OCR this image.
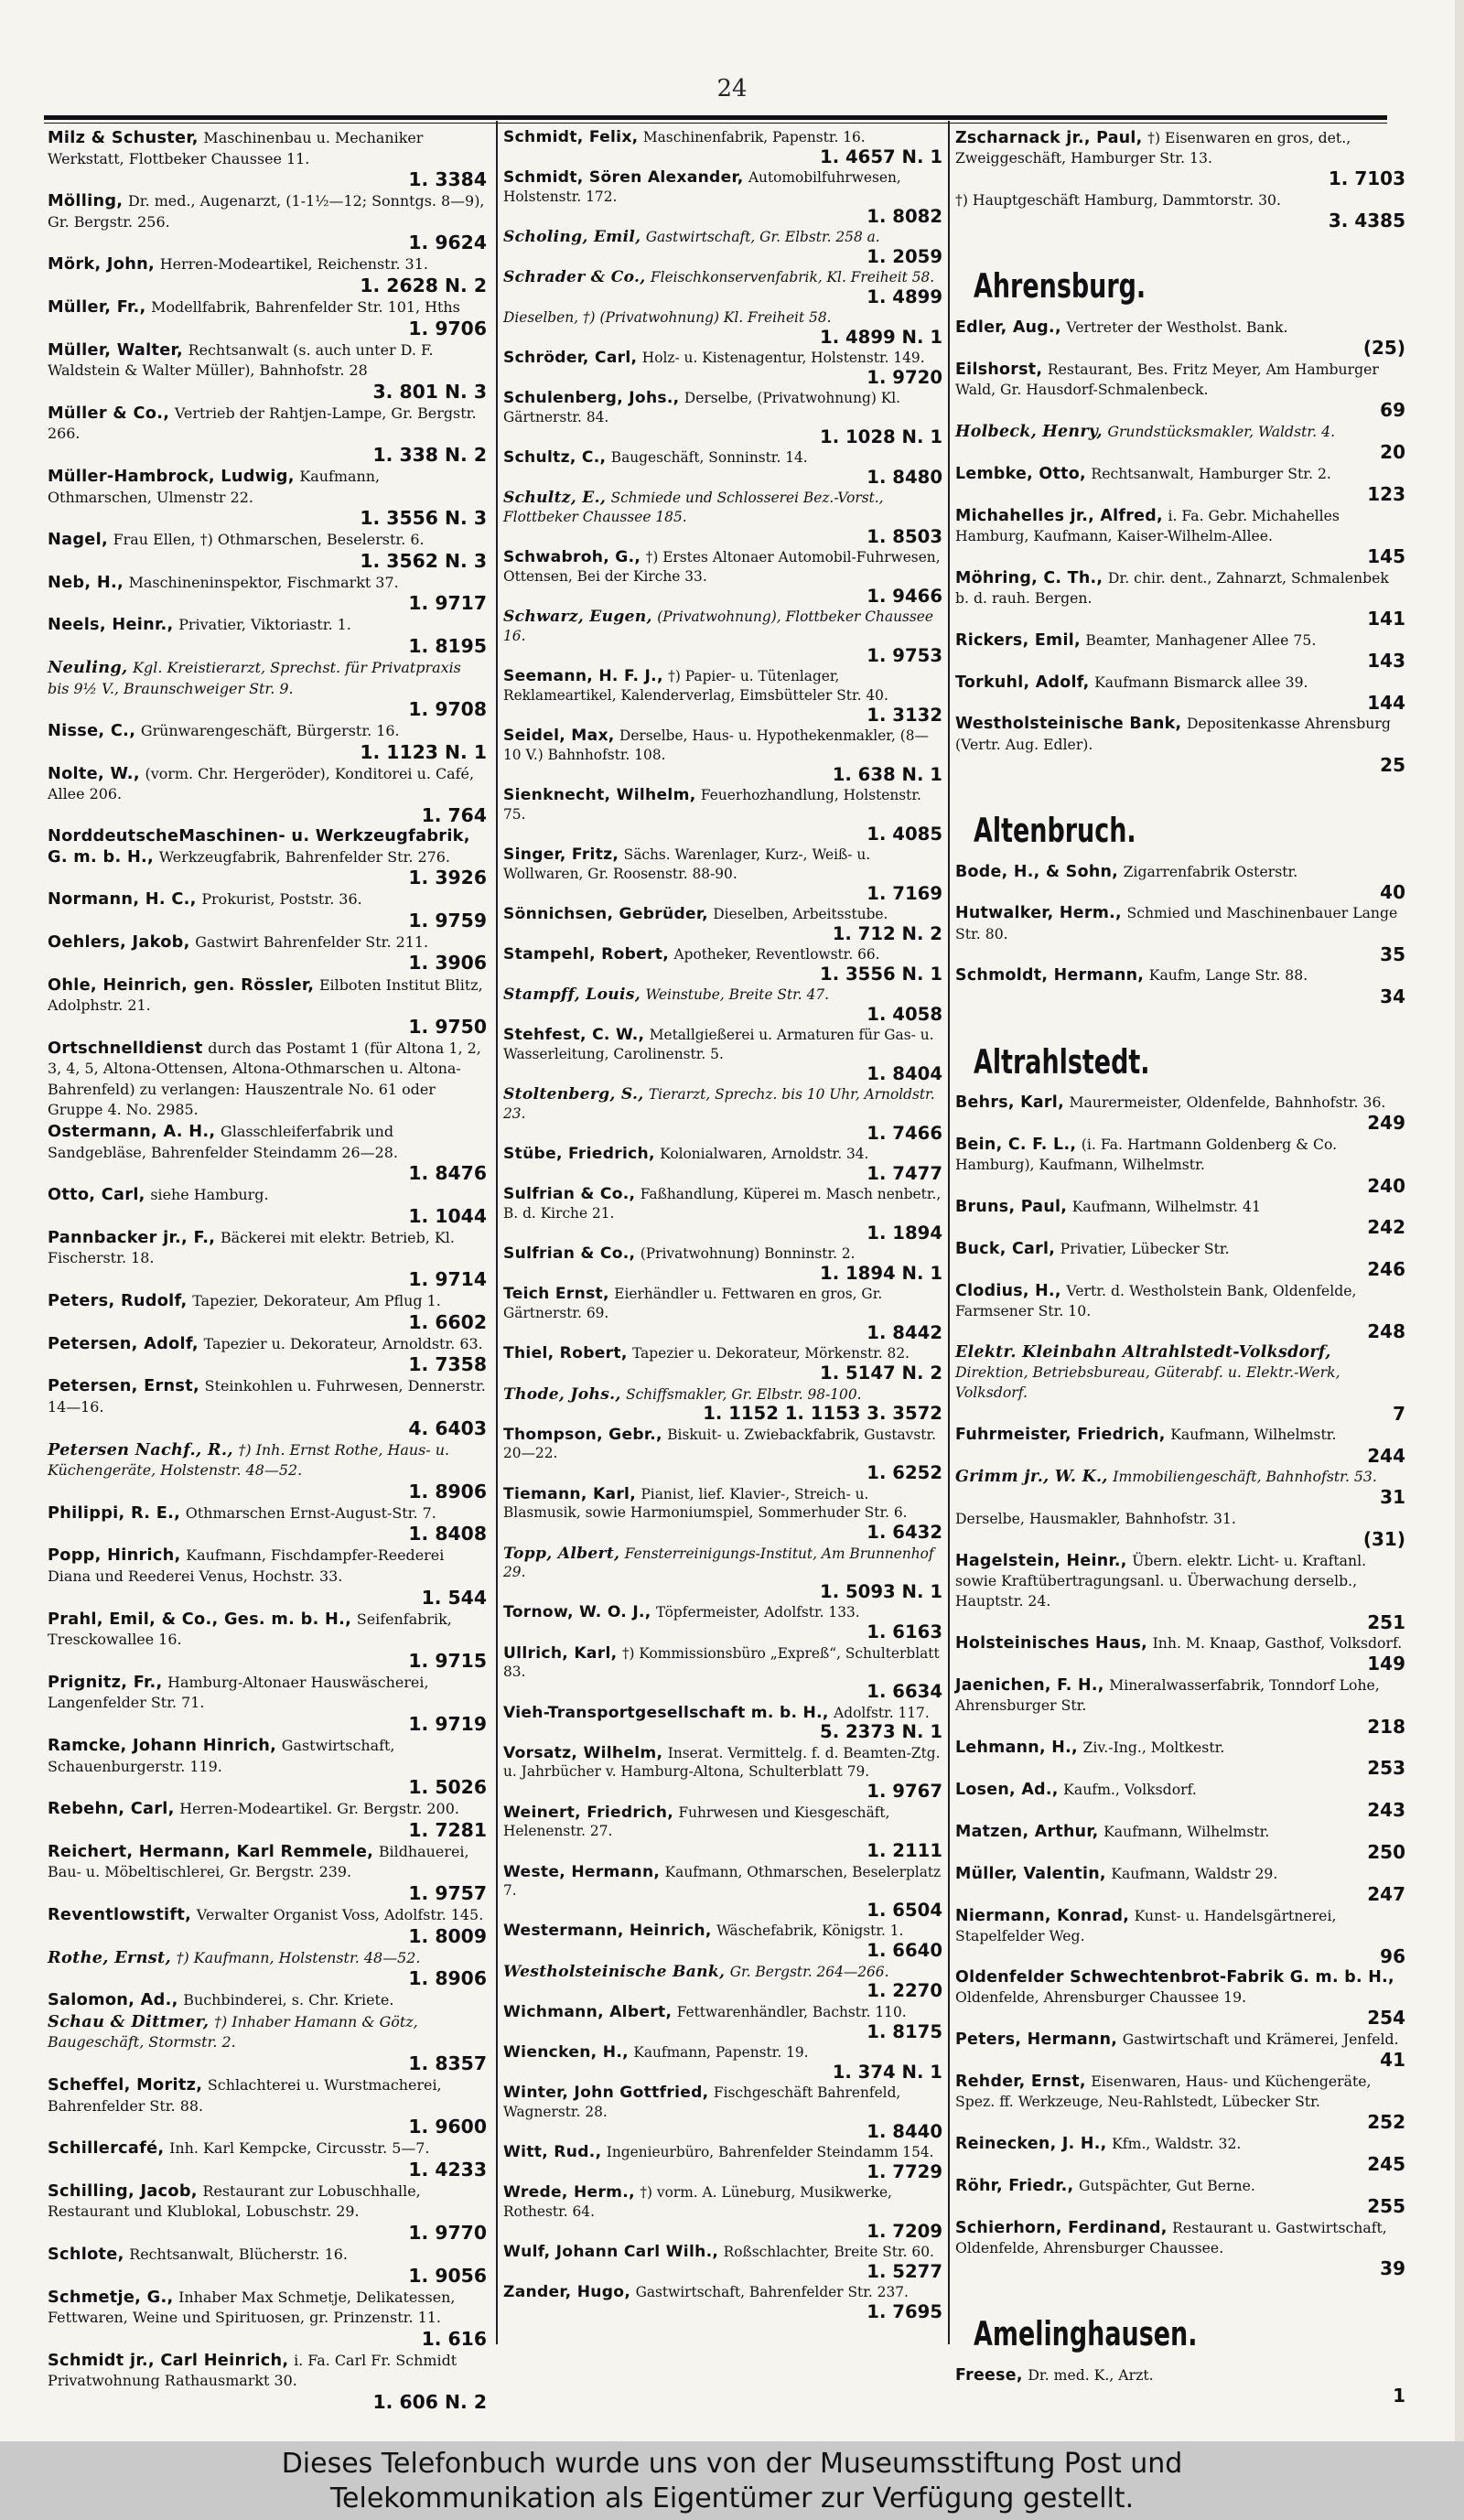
24
Milz & Schuster, Maschinenbau u. Mechaniker Werkstatt, Flottbeker Chaussee 11.
1. 3384
Mölling, Dr. med., Augenarzt, (1-1½—12; Sonntgs. 8—9), Gr. Bergstr. 256.
1. 9624
Mörk, John, Herren-Modeartikel, Reichenstr. 31.
1. 2628 N. 2
Müller, Fr., Modellfabrik, Bahrenfelder Str. 101, Hths
1. 9706
Müller, Walter, Rechtsanwalt (s. auch unter D. F. Waldstein & Walter Müller), Bahnhofstr. 28
3. 801 N. 3
Müller & Co., Vertrieb der Rahtjen-Lampe, Gr. Bergstr. 266.
1. 338 N. 2
Müller-Hambrock, Ludwig, Kaufmann, Othmarschen, Ulmenstr 22.
1. 3556 N. 3
Nagel, Frau Ellen, †) Othmarschen, Beselerstr. 6.
1. 3562 N. 3
Neb, H., Maschineninspektor, Fischmarkt 37.
1. 9717
Neels, Heinr., Privatier, Viktoriastr. 1.
1. 8195
Neuling, Kgl. Kreistierarzt, Sprechst. für Privatpraxis bis 9½ V., Braunschweiger Str. 9.
1. 9708
Nisse, C., Grünwarengeschäft, Bürgerstr. 16.
1. 1123 N. 1
Nolte, W., (vorm. Chr. Hergeröder), Konditorei u. Café, Allee 206.
1. 764
NorddeutscheMaschinen- u. Werkzeugfabrik, G. m. b. H., Werkzeugfabrik, Bahrenfelder Str. 276.
1. 3926
Normann, H. C., Prokurist, Poststr. 36.
1. 9759
Oehlers, Jakob, Gastwirt Bahrenfelder Str. 211.
1. 3906
Ohle, Heinrich, gen. Rössler, Eilboten Institut Blitz, Adolphstr. 21.
1. 9750
Ortschnelldienst durch das Postamt 1 (für Altona 1, 2, 3, 4, 5, Altona-Ottensen, Altona-Othmarschen u. Altona-Bahrenfeld) zu verlangen: Hauszentrale No. 61 oder Gruppe 4. No. 2985.
Ostermann, A. H., Glasschleiferfabrik und Sandgebläse, Bahrenfelder Steindamm 26—28.
1. 8476
Otto, Carl, siehe Hamburg.
1. 1044
Pannbacker jr., F., Bäckerei mit elektr. Betrieb, Kl. Fischerstr. 18.
1. 9714
Peters, Rudolf, Tapezier, Dekorateur, Am Pflug 1.
1. 6602
Petersen, Adolf, Tapezier u. Dekorateur, Arnoldstr. 63.
1. 7358
Petersen, Ernst, Steinkohlen u. Fuhrwesen, Dennerstr. 14—16.
4. 6403
Petersen Nachf., R., †) Inh. Ernst Rothe, Haus- u. Küchengeräte, Holstenstr. 48—52.
1. 8906
Philippi, R. E., Othmarschen Ernst-August-Str. 7.
1. 8408
Popp, Hinrich, Kaufmann, Fischdampfer-Reederei Diana und Reederei Venus, Hochstr. 33.
1. 544
Prahl, Emil, & Co., Ges. m. b. H., Seifenfabrik, Tresckowallee 16.
1. 9715
Prignitz, Fr., Hamburg-Altonaer Hauswäscherei, Langenfelder Str. 71.
1. 9719
Ramcke, Johann Hinrich, Gastwirtschaft, Schauenburgerstr. 119.
1. 5026
Rebehn, Carl, Herren-Modeartikel. Gr. Bergstr. 200.
1. 7281
Reichert, Hermann, Karl Remmele, Bildhauerei, Bau- u. Möbeltischlerei, Gr. Bergstr. 239.
1. 9757
Reventlowstift, Verwalter Organist Voss, Adolfstr. 145.
1. 8009
Rothe, Ernst, †) Kaufmann, Holstenstr. 48—52.
1. 8906
Salomon, Ad., Buchbinderei, s. Chr. Kriete.
Schau & Dittmer, †) Inhaber Hamann & Götz, Baugeschäft, Stormstr. 2.
1. 8357
Scheffel, Moritz, Schlachterei u. Wurstmacherei, Bahrenfelder Str. 88.
1. 9600
Schillercafé, Inh. Karl Kempcke, Circusstr. 5—7.
1. 4233
Schilling, Jacob, Restaurant zur Lobuschhalle, Restaurant und Klublokal, Lobuschstr. 29.
1. 9770
Schlote, Rechtsanwalt, Blücherstr. 16.
1. 9056
Schmetje, G., Inhaber Max Schmetje, Delikatessen, Fettwaren, Weine und Spirituosen, gr. Prinzenstr. 11.
1. 616
Schmidt jr., Carl Heinrich, i. Fa. Carl Fr. Schmidt Privatwohnung Rathausmarkt 30.
1. 606 N. 2
Schmidt, Felix, Maschinenfabrik, Papenstr. 16.
1. 4657 N. 1
Schmidt, Sören Alexander, Automobilfuhrwesen, Holstenstr. 172.
1. 8082
Scholing, Emil, Gastwirtschaft, Gr. Elbstr. 258 a.
1. 2059
Schrader & Co., Fleischkonservenfabrik, Kl. Freiheit 58.
1. 4899
Dieselben, †) (Privatwohnung) Kl. Freiheit 58.
1. 4899 N. 1
Schröder, Carl, Holz- u. Kistenagentur, Holstenstr. 149.
1. 9720
Schulenberg, Johs., Derselbe, (Privatwohnung) Kl. Gärtnerstr. 84.
1. 1028 N. 1
Schultz, C., Baugeschäft, Sonninstr. 14.
1. 8480
Schultz, E., Schmiede und Schlosserei Bez.-Vorst., Flottbeker Chaussee 185.
1. 8503
Schwabroh, G., †) Erstes Altonaer Automobil-Fuhrwesen, Ottensen, Bei der Kirche 33.
1. 9466
Schwarz, Eugen, (Privatwohnung), Flottbeker Chaussee 16.
1. 9753
Seemann, H. F. J., †) Papier- u. Tütenlager, Reklameartikel, Kalenderverlag, Eimsbütteler Str. 40.
1. 3132
Seidel, Max, Derselbe, Haus- u. Hypothekenmakler, (8—10 V.) Bahnhofstr. 108.
1. 638 N. 1
Sienknecht, Wilhelm, Feuerhozhandlung, Holstenstr. 75.
1. 4085
Singer, Fritz, Sächs. Warenlager, Kurz-, Weiß- u. Wollwaren, Gr. Roosenstr. 88-90.
1. 7169
Sönnichsen, Gebrüder, Dieselben, Arbeitsstube.
1. 712 N. 2
Stampehl, Robert, Apotheker, Reventlowstr. 66.
1. 3556 N. 1
Stampff, Louis, Weinstube, Breite Str. 47.
1. 4058
Stehfest, C. W., Metallgießerei u. Armaturen für Gas- u. Wasserleitung, Carolinenstr. 5.
1. 8404
Stoltenberg, S., Tierarzt, Sprechz. bis 10 Uhr, Arnoldstr. 23.
1. 7466
Stübe, Friedrich, Kolonialwaren, Arnoldstr. 34.
1. 7477
Sulfrian & Co., Faßhandlung, Küperei m. Masch nenbetr., B. d. Kirche 21.
1. 1894
Sulfrian & Co., (Privatwohnung) Bonninstr. 2.
1. 1894 N. 1
Teich Ernst, Eierhändler u. Fettwaren en gros, Gr. Gärtnerstr. 69.
1. 8442
Thiel, Robert, Tapezier u. Dekorateur, Mörkenstr. 82.
1. 5147 N. 2
Thode, Johs., Schiffsmakler, Gr. Elbstr. 98-100.
1. 1152 1. 1153 3. 3572
Thompson, Gebr., Biskuit- u. Zwiebackfabrik, Gustavstr. 20—22.
1. 6252
Tiemann, Karl, Pianist, lief. Klavier-, Streich- u. Blasmusik, sowie Harmoniumspiel, Sommerhuder Str. 6.
1. 6432
Topp, Albert, Fensterreinigungs-Institut, Am Brunnenhof 29.
1. 5093 N. 1
Tornow, W. O. J., Töpfermeister, Adolfstr. 133.
1. 6163
Ullrich, Karl, †) Kommissionsbüro „Expreß“, Schulterblatt 83.
1. 6634
Vieh-Transportgesellschaft m. b. H., Adolfstr. 117.
5. 2373 N. 1
Vorsatz, Wilhelm, Inserat. Vermittelg. f. d. Beamten-Ztg. u. Jahrbücher v. Hamburg-Altona, Schulterblatt 79.
1. 9767
Weinert, Friedrich, Fuhrwesen und Kiesgeschäft, Helenenstr. 27.
1. 2111
Weste, Hermann, Kaufmann, Othmarschen, Beselerplatz 7.
1. 6504
Westermann, Heinrich, Wäschefabrik, Königstr. 1.
1. 6640
Westholsteinische Bank, Gr. Bergstr. 264—266.
1. 2270
Wichmann, Albert, Fettwarenhändler, Bachstr. 110.
1. 8175
Wiencken, H., Kaufmann, Papenstr. 19.
1. 374 N. 1
Winter, John Gottfried, Fischgeschäft Bahrenfeld, Wagnerstr. 28.
1. 8440
Witt, Rud., Ingenieurbüro, Bahrenfelder Steindamm 154.
1. 7729
Wrede, Herm., †) vorm. A. Lüneburg, Musikwerke, Rothestr. 64.
1. 7209
Wulf, Johann Carl Wilh., Roßschlachter, Breite Str. 60.
1. 5277
Zander, Hugo, Gastwirtschaft, Bahrenfelder Str. 237.
1. 7695
Zscharnack jr., Paul, †) Eisenwaren en gros, det., Zweiggeschäft, Hamburger Str. 13.
1. 7103
†) Hauptgeschäft Hamburg, Dammtorstr. 30.
3. 4385
Ahrensburg.
Edler, Aug., Vertreter der Westholst. Bank.
(25)
Eilshorst, Restaurant, Bes. Fritz Meyer, Am Hamburger Wald, Gr. Hausdorf-Schmalenbeck.
69
Holbeck, Henry, Grundstücksmakler, Waldstr. 4.
20
Lembke, Otto, Rechtsanwalt, Hamburger Str. 2.
123
Michahelles jr., Alfred, i. Fa. Gebr. Michahelles Hamburg, Kaufmann, Kaiser-Wilhelm-Allee.
145
Möhring, C. Th., Dr. chir. dent., Zahnarzt, Schmalenbek b. d. rauh. Bergen.
141
Rickers, Emil, Beamter, Manhagener Allee 75.
143
Torkuhl, Adolf, Kaufmann Bismarck allee 39.
144
Westholsteinische Bank, Depositenkasse Ahrensburg (Vertr. Aug. Edler).
25
Altenbruch.
Bode, H., & Sohn, Zigarrenfabrik Osterstr.
40
Hutwalker, Herm., Schmied und Maschinenbauer Lange Str. 80.
35
Schmoldt, Hermann, Kaufm, Lange Str. 88.
34
Altrahlstedt.
Behrs, Karl, Maurermeister, Oldenfelde, Bahnhofstr. 36.
249
Bein, C. F. L., (i. Fa. Hartmann Goldenberg & Co. Hamburg), Kaufmann, Wilhelmstr.
240
Bruns, Paul, Kaufmann, Wilhelmstr. 41
242
Buck, Carl, Privatier, Lübecker Str.
246
Clodius, H., Vertr. d. Westholstein Bank, Oldenfelde, Farmsener Str. 10.
248
Elektr. Kleinbahn Altrahlstedt-Volksdorf, Direktion, Betriebsbureau, Güterabf. u. Elektr.-Werk, Volksdorf.
7
Fuhrmeister, Friedrich, Kaufmann, Wilhelmstr.
244
Grimm jr., W. K., Immobiliengeschäft, Bahnhofstr. 53.
31
Derselbe, Hausmakler, Bahnhofstr. 31.
(31)
Hagelstein, Heinr., Übern. elektr. Licht- u. Kraftanl. sowie Kraftübertragungsanl. u. Überwachung derselb., Hauptstr. 24.
251
Holsteinisches Haus, Inh. M. Knaap, Gasthof, Volksdorf.
149
Jaenichen, F. H., Mineralwasserfabrik, Tonndorf Lohe, Ahrensburger Str.
218
Lehmann, H., Ziv.-Ing., Moltkestr.
253
Losen, Ad., Kaufm., Volksdorf.
243
Matzen, Arthur, Kaufmann, Wilhelmstr.
250
Müller, Valentin, Kaufmann, Waldstr 29.
247
Niermann, Konrad, Kunst- u. Handelsgärtnerei, Stapelfelder Weg.
96
Oldenfelder Schwechtenbrot-Fabrik G. m. b. H., Oldenfelde, Ahrensburger Chaussee 19.
254
Peters, Hermann, Gastwirtschaft und Krämerei, Jenfeld.
41
Rehder, Ernst, Eisenwaren, Haus- und Küchengeräte, Spez. ff. Werkzeuge, Neu-Rahlstedt, Lübecker Str.
252
Reinecken, J. H., Kfm., Waldstr. 32.
245
Röhr, Friedr., Gutspächter, Gut Berne.
255
Schierhorn, Ferdinand, Restaurant u. Gastwirtschaft, Oldenfelde, Ahrensburger Chaussee.
39
Amelinghausen.
Freese, Dr. med. K., Arzt.
1
Dieses Telefonbuch wurde uns von der Museumsstiftung Post und
Telekommunikation als Eigentümer zur Verfügung gestellt.
